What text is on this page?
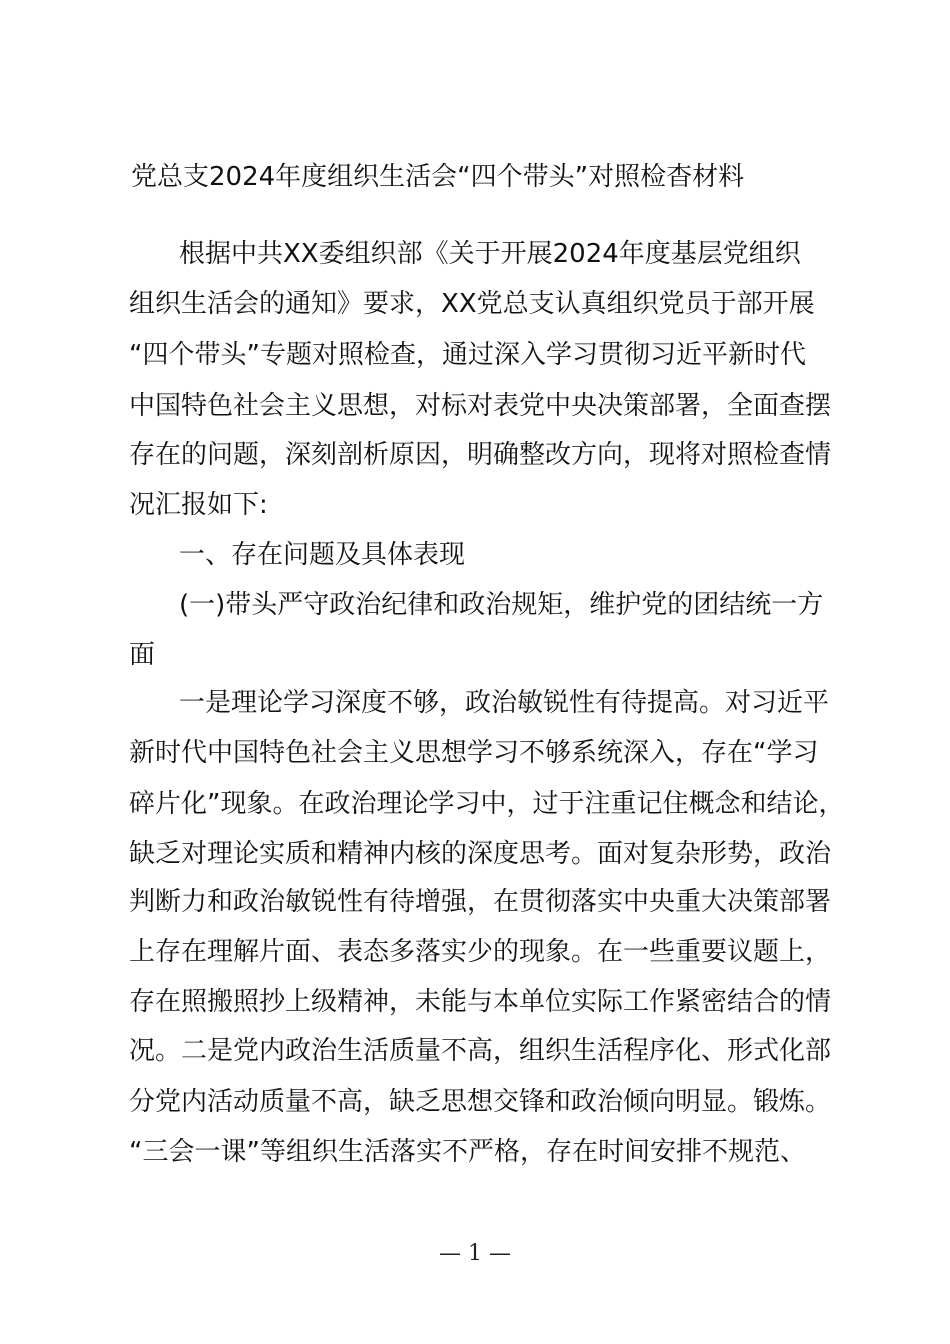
党总支2024年度组织生活会“四个带头”对照检杳材料
根据中共XX委组织部《关于开展2024年度基层党组织
组织生活会的通知》要求，XX党总支认真组织党员于部开展
“四个带头”专题对照检查，通过深入学习贯彻习近平新时代
中国特色社会主义思想，对标对表党中央决策部署，全面查摆
存在的问题，深刻剖析原因，明确整改方向，现将对照检查情
况汇报如下:
一、存在问题及具体表现
(一)带头严守政治纪律和政治规矩，维护党的团结统一方
面
一是理论学习深度不够，政治敏锐性有待提高。对习近平
新时代中国特色社会主义思想学习不够系统深入，存在“学习
碎片化”现象。在政治理论学习中，过于注重记住概念和结论，
缺乏对理论实质和精神内核的深度思考。面对复杂形势，政治
判断力和政治敏锐性有待增强，在贯彻落实中央重大决策部署
上存在理解片面、表态多落实少的现象。在一些重要议题上，
存在照搬照抄上级精神，未能与本单位实际工作紧密结合的情
况。二是党内政治生活质量不高，组织生活程序化、形式化部
分党内活动质量不高，缺乏思想交锋和政治倾向明显。锻炼。
“三会一课”等组织生活落实不严格，存在时间安排不规范、
— 1 —
